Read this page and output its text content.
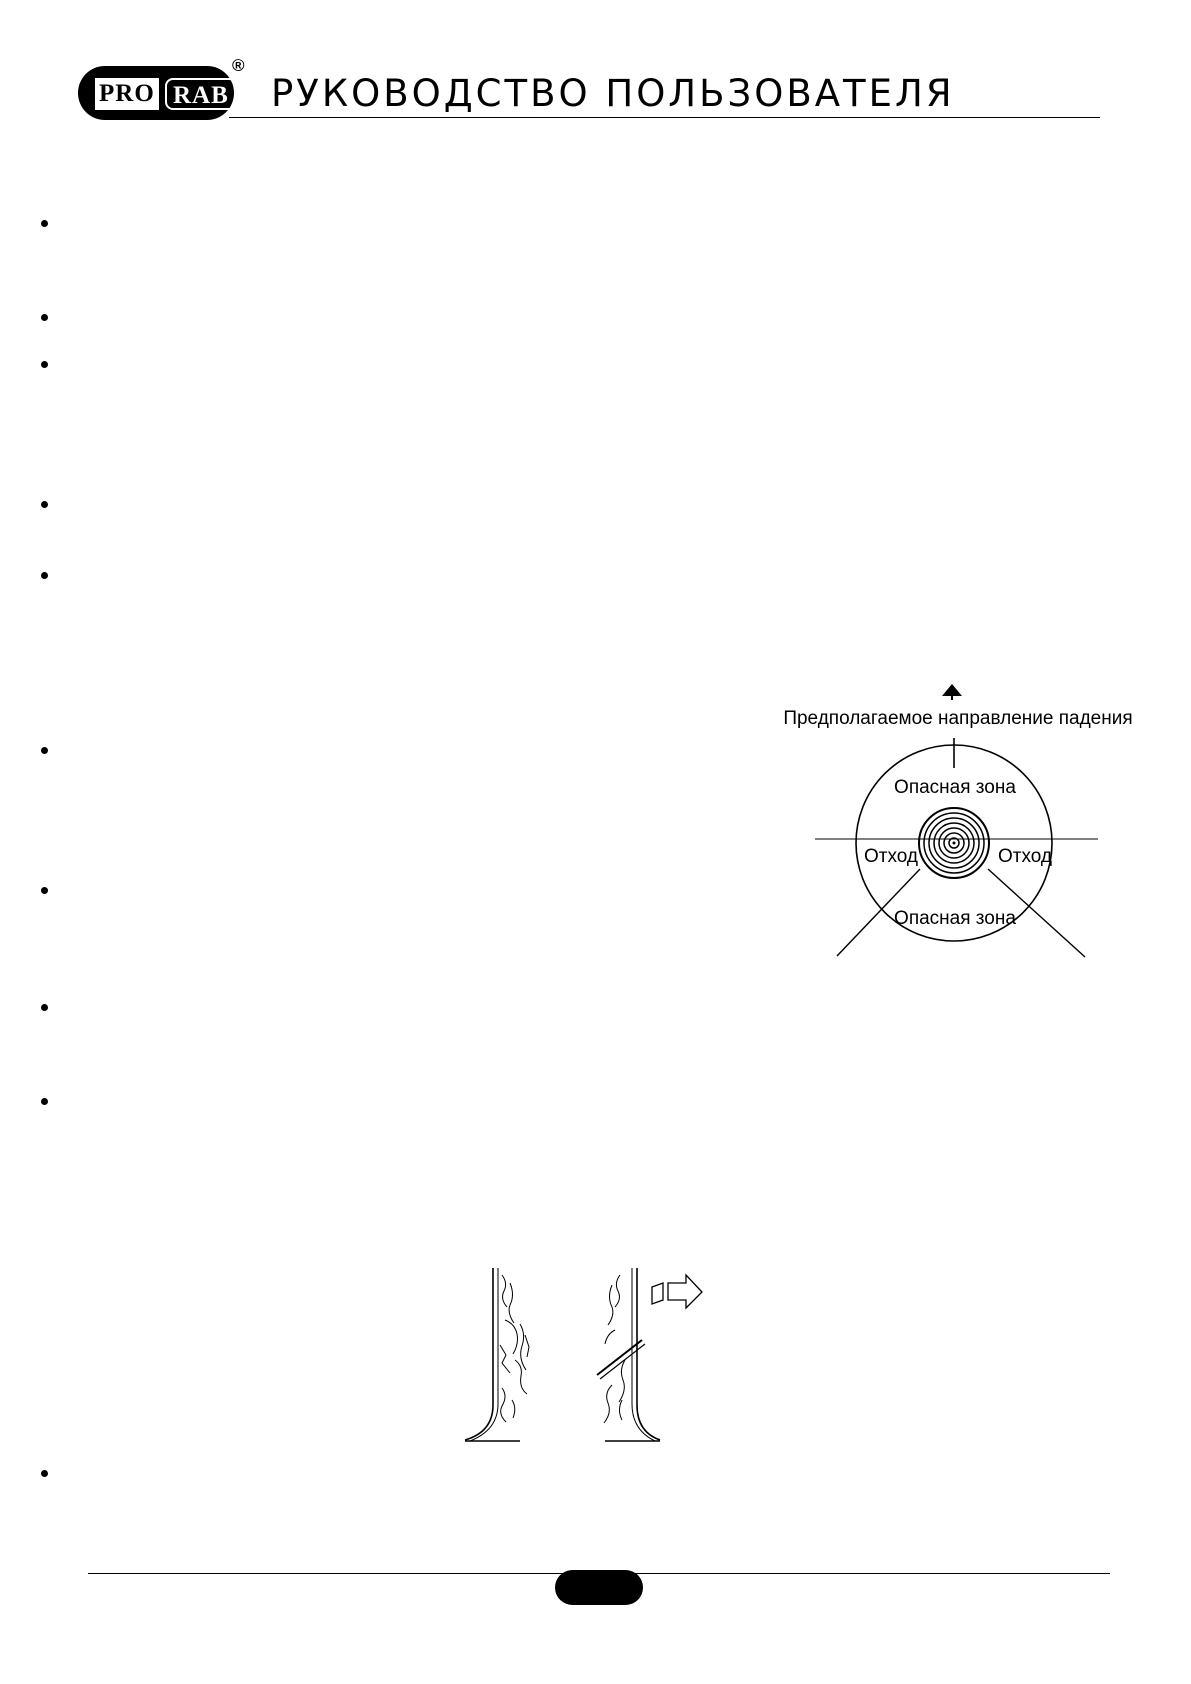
PRO RAB
®
РУКОВОДСТВО ПОЛЬЗОВАТЕЛЯ
Предполагаемое направление падения
Опасная зона
Отход	Отход
Опасная зона
